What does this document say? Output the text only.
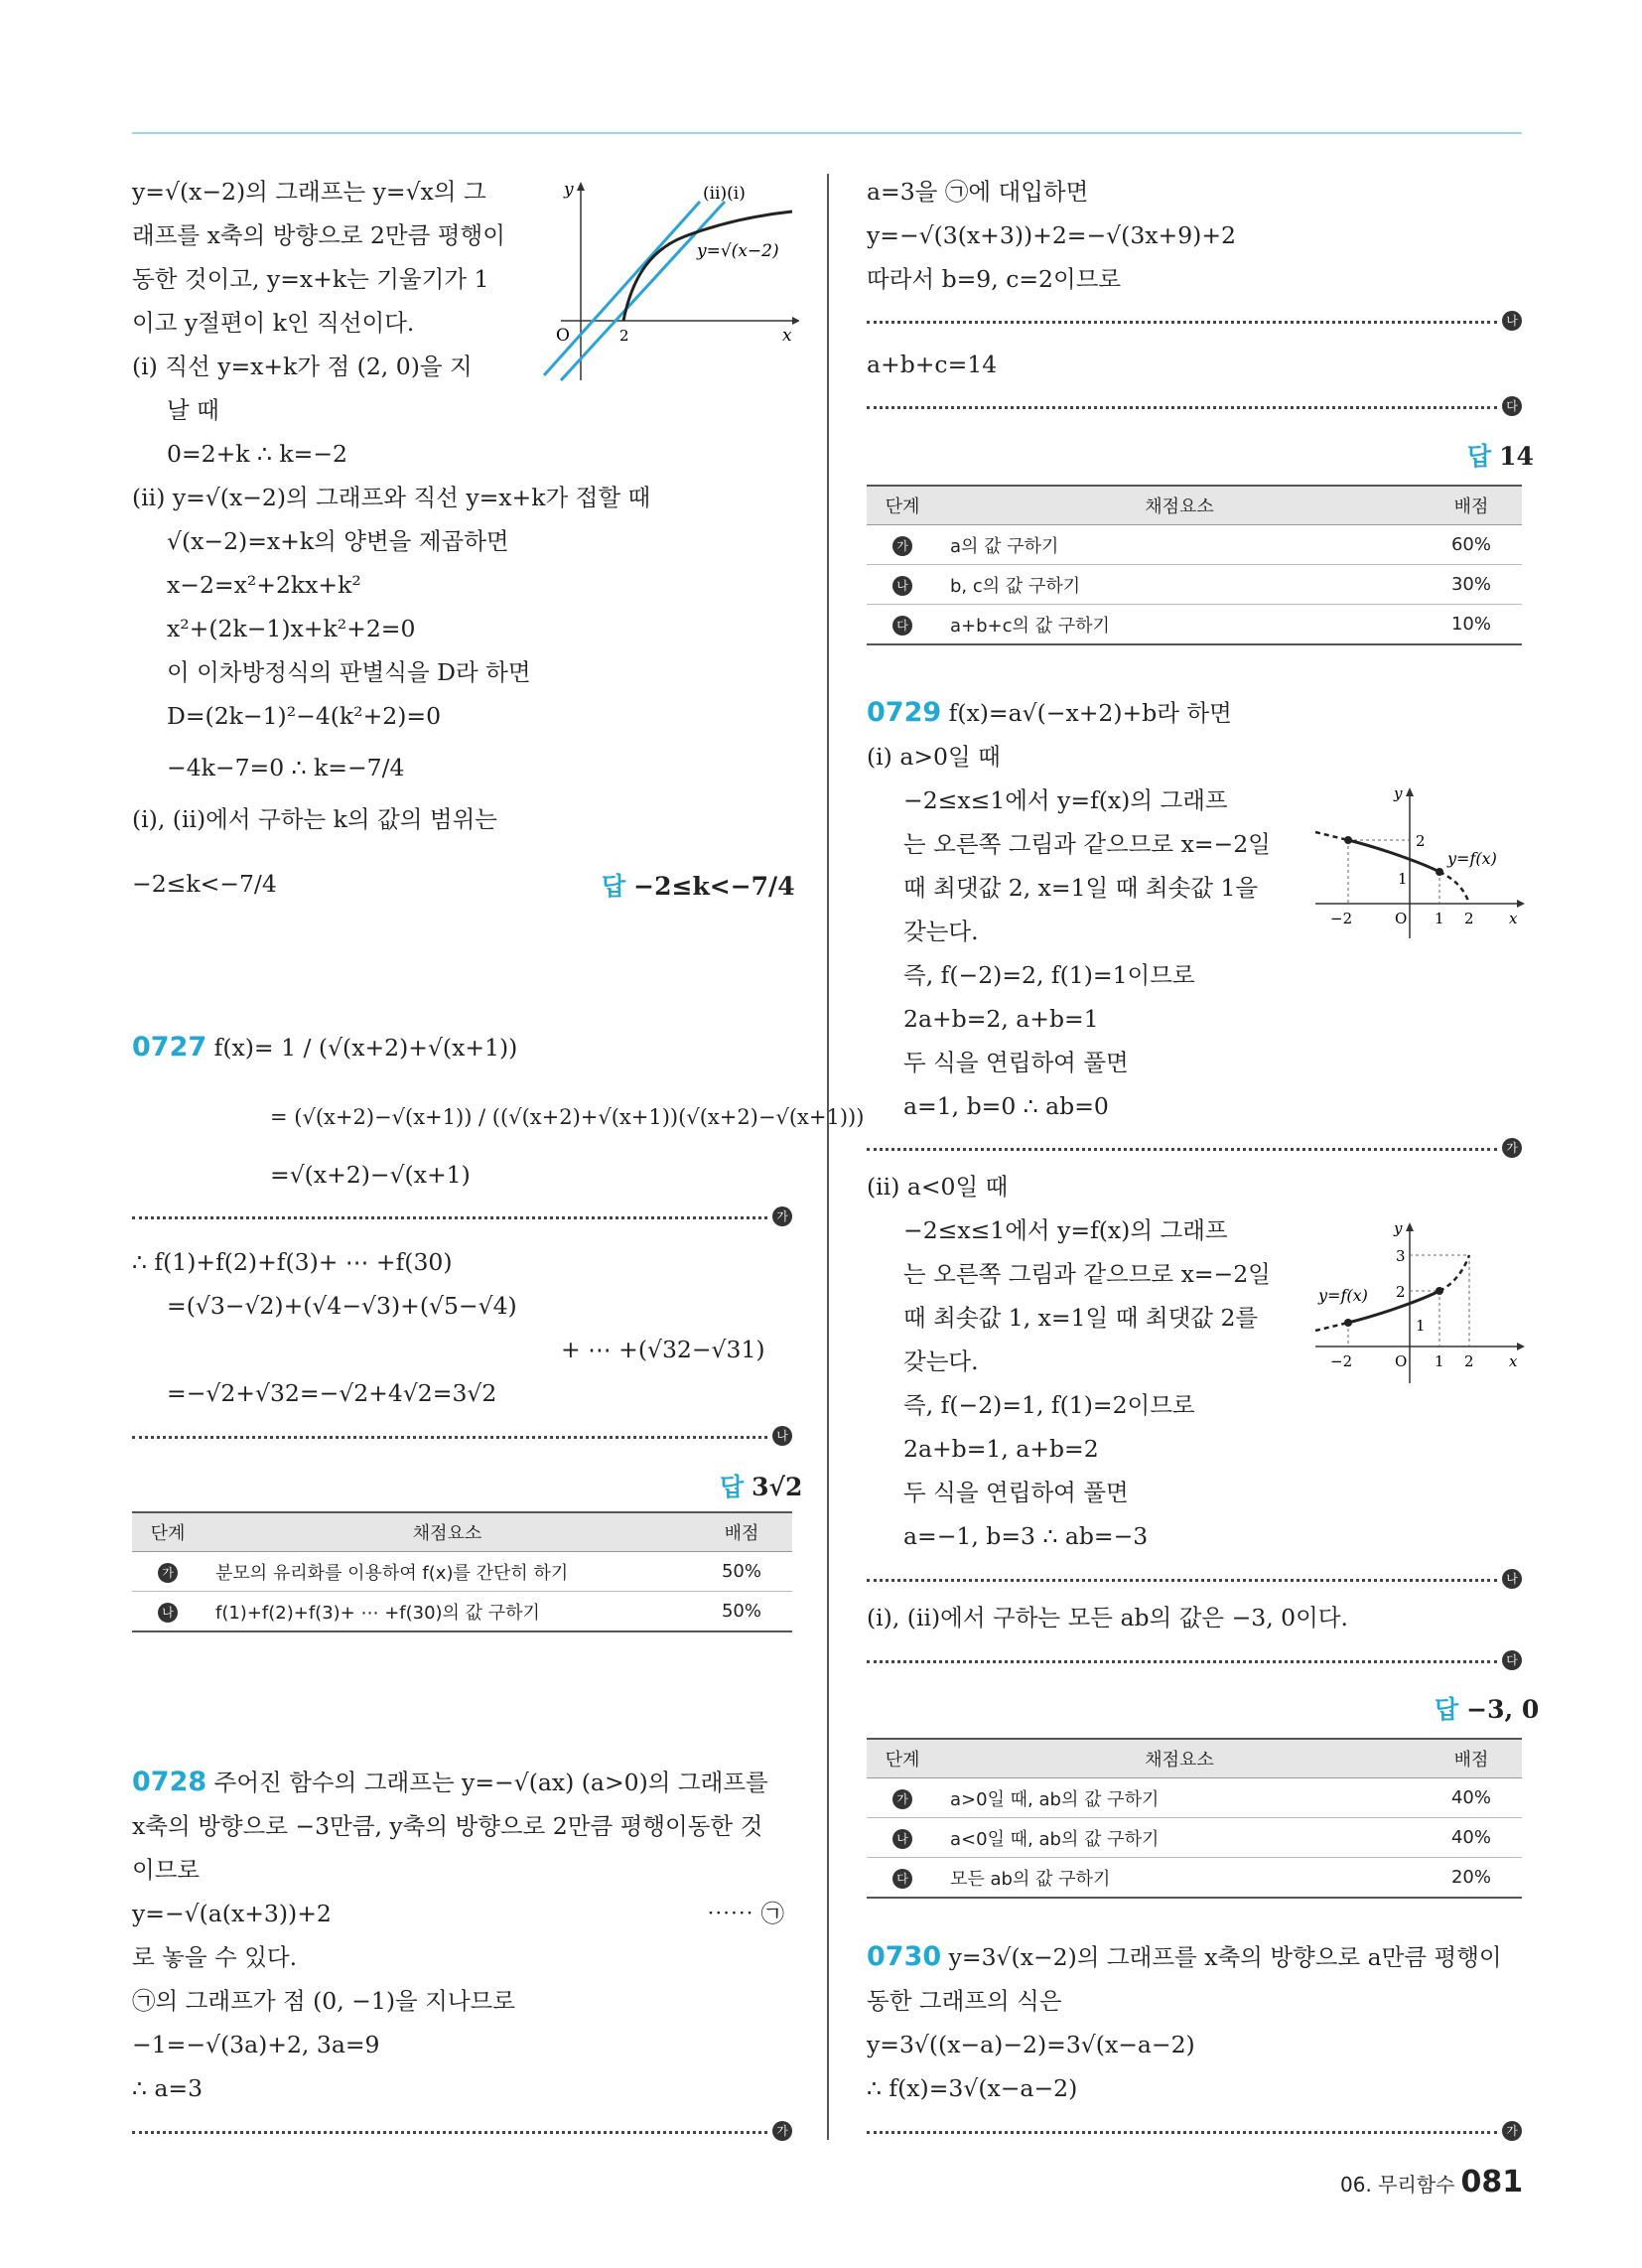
y=√(x−2)의 그래프는 y=√x의 그
래프를 x축의 방향으로 2만큼 평행이
동한 것이고, y=x+k는 기울기가 1
이고 y절편이 k인 직선이다.
(ⅰ) 직선 y=x+k가 점 (2, 0)을 지
날 때
0=2+k ∴ k=−2
(ⅱ) y=√(x−2)의 그래프와 직선 y=x+k가 접할 때
√(x−2)=x+k의 양변을 제곱하면
x−2=x²+2kx+k²
x²+(2k−1)x+k²+2=0
이 이차방정식의 판별식을 D라 하면
D=(2k−1)²−4(k²+2)=0
−4k−7=0 ∴ k=−7/4
(ⅰ), (ⅱ)에서 구하는 k의 값의 범위는
−2≤k<−7/4	답 −2≤k<−7/4
y
x
O	2
(ⅱ)(ⅰ)
y=√(x−2)
0727 f(x)= 1 / (√(x+2)+√(x+1))
= (√(x+2)−√(x+1)) / ((√(x+2)+√(x+1))(√(x+2)−√(x+1)))
=√(x+2)−√(x+1)
가
∴ f(1)+f(2)+f(3)+ ⋯ +f(30)
=(√3−√2)+(√4−√3)+(√5−√4)
+ ⋯ +(√32−√31)
=−√2+√32=−√2+4√2=3√2
나
답 3√2
단계	채점요소	배점
가	분모의 유리화를 이용하여 f(x)를 간단히 하기	50%
나	f(1)+f(2)+f(3)+ ⋯ +f(30)의 값 구하기	50%
0728 주어진 함수의 그래프는 y=−√(ax) (a>0)의 그래프를
x축의 방향으로 −3만큼, y축의 방향으로 2만큼 평행이동한 것
이므로
y=−√(a(x+3))+2	⋯⋯ ㉠
로 놓을 수 있다.
㉠의 그래프가 점 (0, −1)을 지나므로
−1=−√(3a)+2, 3a=9
∴ a=3
가
a=3을 ㉠에 대입하면
y=−√(3(x+3))+2=−√(3x+9)+2
따라서 b=9, c=2이므로
나
a+b+c=14
다
답 14
단계	채점요소	배점
가	a의 값 구하기	60%
나	b, c의 값 구하기	30%
다	a+b+c의 값 구하기	10%
0729 f(x)=a√(−x+2)+b라 하면
(ⅰ) a>0일 때
−2≤x≤1에서 y=f(x)의 그래프
는 오른쪽 그림과 같으므로 x=−2일
때 최댓값 2, x=1일 때 최솟값 1을
갖는다.
즉, f(−2)=2, f(1)=1이므로
2a+b=2, a+b=1
두 식을 연립하여 풀면
a=1, b=0 ∴ ab=0
가
y
x
O
−2	1 2
2
1
y=f(x)
(ⅱ) a<0일 때
−2≤x≤1에서 y=f(x)의 그래프
는 오른쪽 그림과 같으므로 x=−2일
때 최솟값 1, x=1일 때 최댓값 2를
갖는다.
즉, f(−2)=1, f(1)=2이므로
2a+b=1, a+b=2
두 식을 연립하여 풀면
a=−1, b=3 ∴ ab=−3
나
y
x
O
−2	1 2
3
2
1
y=f(x)
(ⅰ), (ⅱ)에서 구하는 모든 ab의 값은 −3, 0이다.
다
답 −3, 0
단계	채점요소	배점
가	a>0일 때, ab의 값 구하기	40%
나	a<0일 때, ab의 값 구하기	40%
다	모든 ab의 값 구하기	20%
0730 y=3√(x−2)의 그래프를 x축의 방향으로 a만큼 평행이
동한 그래프의 식은
y=3√((x−a)−2)=3√(x−a−2)
∴ f(x)=3√(x−a−2)
가
06. 무리함수 081
